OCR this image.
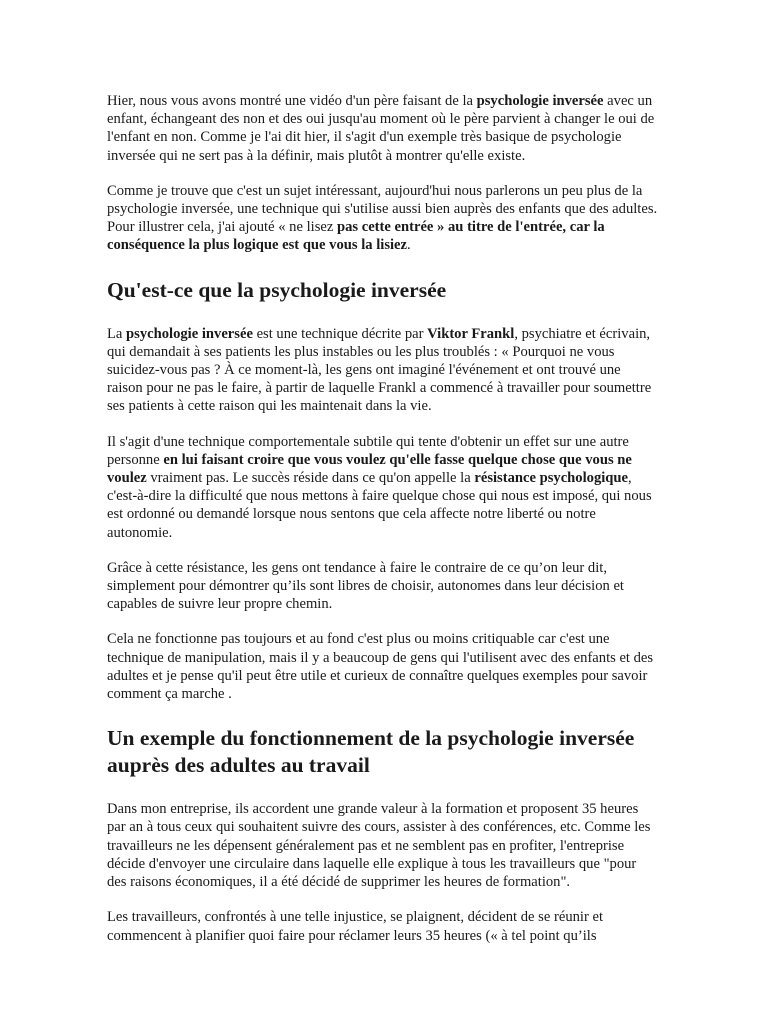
Hier, nous vous avons montré une vidéo d'un père faisant de la psychologie inversée avec un enfant, échangeant des non et des oui jusqu'au moment où le père parvient à changer le oui de l'enfant en non. Comme je l'ai dit hier, il s'agit d'un exemple très basique de psychologie inversée qui ne sert pas à la définir, mais plutôt à montrer qu'elle existe.

Comme je trouve que c'est un sujet intéressant, aujourd'hui nous parlerons un peu plus de la psychologie inversée, une technique qui s'utilise aussi bien auprès des enfants que des adultes. Pour illustrer cela, j'ai ajouté « ne lisez pas cette entrée » au titre de l'entrée, car la conséquence la plus logique est que vous la lisiez.

Qu'est-ce que la psychologie inversée

La psychologie inversée est une technique décrite par Viktor Frankl, psychiatre et écrivain, qui demandait à ses patients les plus instables ou les plus troublés : « Pourquoi ne vous suicidez-vous pas ? À ce moment-là, les gens ont imaginé l'événement et ont trouvé une raison pour ne pas le faire, à partir de laquelle Frankl a commencé à travailler pour soumettre ses patients à cette raison qui les maintenait dans la vie.

Il s'agit d'une technique comportementale subtile qui tente d'obtenir un effet sur une autre personne en lui faisant croire que vous voulez qu'elle fasse quelque chose que vous ne voulez vraiment pas. Le succès réside dans ce qu'on appelle la résistance psychologique, c'est-à-dire la difficulté que nous mettons à faire quelque chose qui nous est imposé, qui nous est ordonné ou demandé lorsque nous sentons que cela affecte notre liberté ou notre autonomie.

Grâce à cette résistance, les gens ont tendance à faire le contraire de ce qu’on leur dit, simplement pour démontrer qu’ils sont libres de choisir, autonomes dans leur décision et capables de suivre leur propre chemin.

Cela ne fonctionne pas toujours et au fond c'est plus ou moins critiquable car c'est une technique de manipulation, mais il y a beaucoup de gens qui l'utilisent avec des enfants et des adultes et je pense qu'il peut être utile et curieux de connaître quelques exemples pour savoir comment ça marche .

Un exemple du fonctionnement de la psychologie inversée auprès des adultes au travail

Dans mon entreprise, ils accordent une grande valeur à la formation et proposent 35 heures par an à tous ceux qui souhaitent suivre des cours, assister à des conférences, etc. Comme les travailleurs ne les dépensent généralement pas et ne semblent pas en profiter, l'entreprise décide d'envoyer une circulaire dans laquelle elle explique à tous les travailleurs que "pour des raisons économiques, il a été décidé de supprimer les heures de formation".

Les travailleurs, confrontés à une telle injustice, se plaignent, décident de se réunir et commencent à planifier quoi faire pour réclamer leurs 35 heures (« à tel point qu’ils
